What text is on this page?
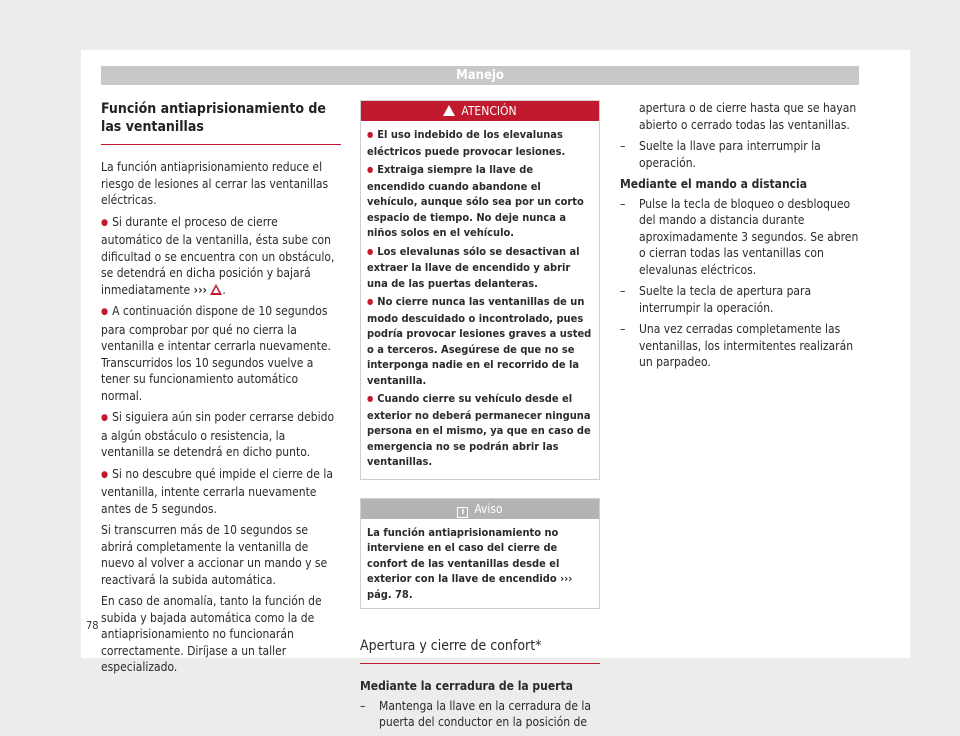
Manejo
Función antiaprisionamiento de las ventanillas

La función antiaprisionamiento reduce el riesgo de lesiones al cerrar las ventanillas eléctricas.

● Si durante el proceso de cierre automático de la ventanilla, ésta sube con dificultad o se encuentra con un obstáculo, se detendrá en dicha posición y bajará inmediatamente ››› .

● A continuación dispone de 10 segundos para comprobar por qué no cierra la ventanilla e intentar cerrarla nuevamente. Transcurridos los 10 segundos vuelve a tener su funcionamiento automático normal.

● Si siguiera aún sin poder cerrarse debido a algún obstáculo o resistencia, la ventanilla se detendrá en dicho punto.

● Si no descubre qué impide el cierre de la ventanilla, intente cerrarla nuevamente antes de 5 segundos.

Si transcurren más de 10 segundos se abrirá completamente la ventanilla de nuevo al volver a accionar un mando y se reactivará la subida automática.

En caso de anomalía, tanto la función de subida y bajada automática como la de antiaprisionamiento no funcionarán correctamente. Diríjase a un taller especializado.

ATENCIÓN

● El uso indebido de los elevalunas eléctricos puede provocar lesiones.

● Extraiga siempre la llave de encendido cuando abandone el vehículo, aunque sólo sea por un corto espacio de tiempo. No deje nunca a niños solos en el vehículo.

● Los elevalunas sólo se desactivan al extraer la llave de encendido y abrir una de las puertas delanteras.

● No cierre nunca las ventanillas de un modo descuidado o incontrolado, pues podría provocar lesiones graves a usted o a terceros. Asegúrese de que no se interponga nadie en el recorrido de la ventanilla.

● Cuando cierre su vehículo desde el exterior no deberá permanecer ninguna persona en el mismo, ya que en caso de emergencia no se podrán abrir las ventanillas.

i Aviso
La función antiaprisionamiento no interviene en el caso del cierre de confort de las ventanillas desde el exterior con la llave de encendido ››› pág. 78.
Apertura y cierre de confort*

Mediante la cerradura de la puerta

– Mantenga la llave en la cerradura de la puerta del conductor en la posición de

apertura o de cierre hasta que se hayan abierto o cerrado todas las ventanillas.

– Suelte la llave para interrumpir la operación.

Mediante el mando a distancia

– Pulse la tecla de bloqueo o desbloqueo del mando a distancia durante aproximadamente 3 segundos. Se abren o cierran todas las ventanillas con elevalunas eléctricos.

– Suelte la tecla de apertura para interrumpir la operación.

– Una vez cerradas completamente las ventanillas, los intermitentes realizarán un parpadeo.

78
